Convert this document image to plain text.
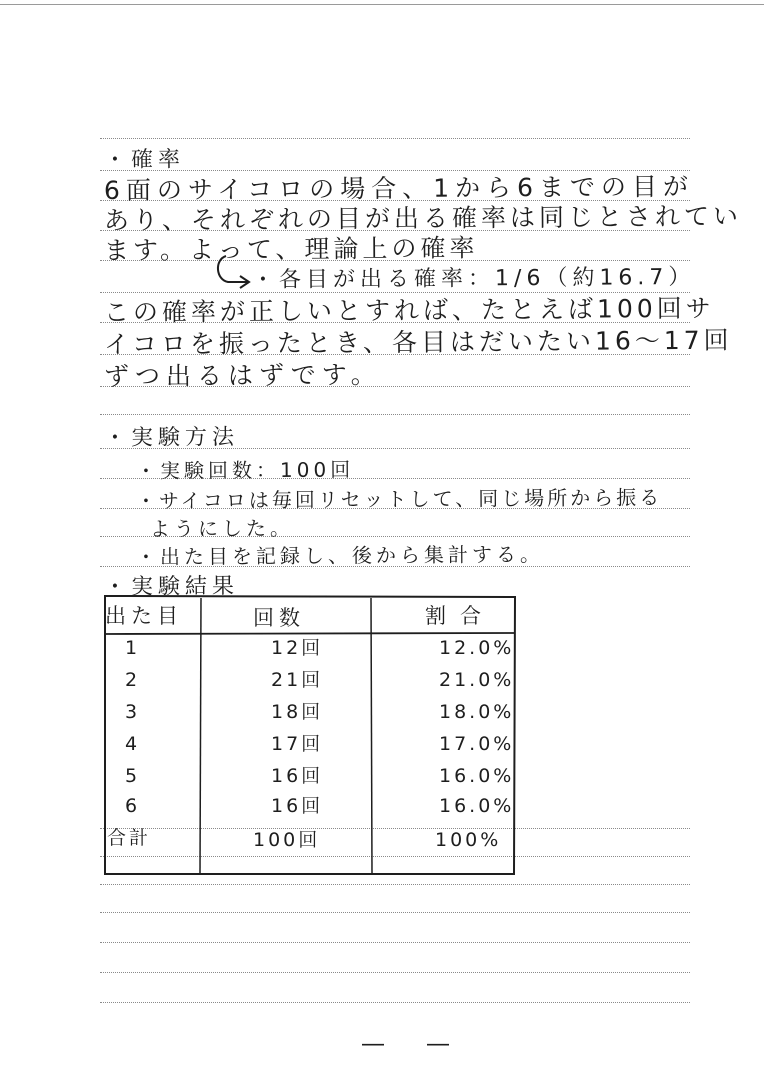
・確率
6面のサイコロの場合、1から6までの目が
あり、それぞれの目が出る確率は同じとされてい
ます。よって、理論上の確率
・各目が出る確率：1/6（約16.7）
この確率が正しいとすれば、たとえば100回サ
イコロを振ったとき、各目はだいたい16〜17回
ずつ出るはずです。
・実験方法
・実験回数：100回
・サイコロは毎回リセットして、同じ場所から振る
ようにした。
・出た目を記録し、後から集計する。
・実験結果
出た目	回数	割合
1	12回	12.0%
2	21回	21.0%
3	18回	18.0%
4	17回	17.0%
5	16回	16.0%
6	16回	16.0%
合計	100回	100%
― ―
